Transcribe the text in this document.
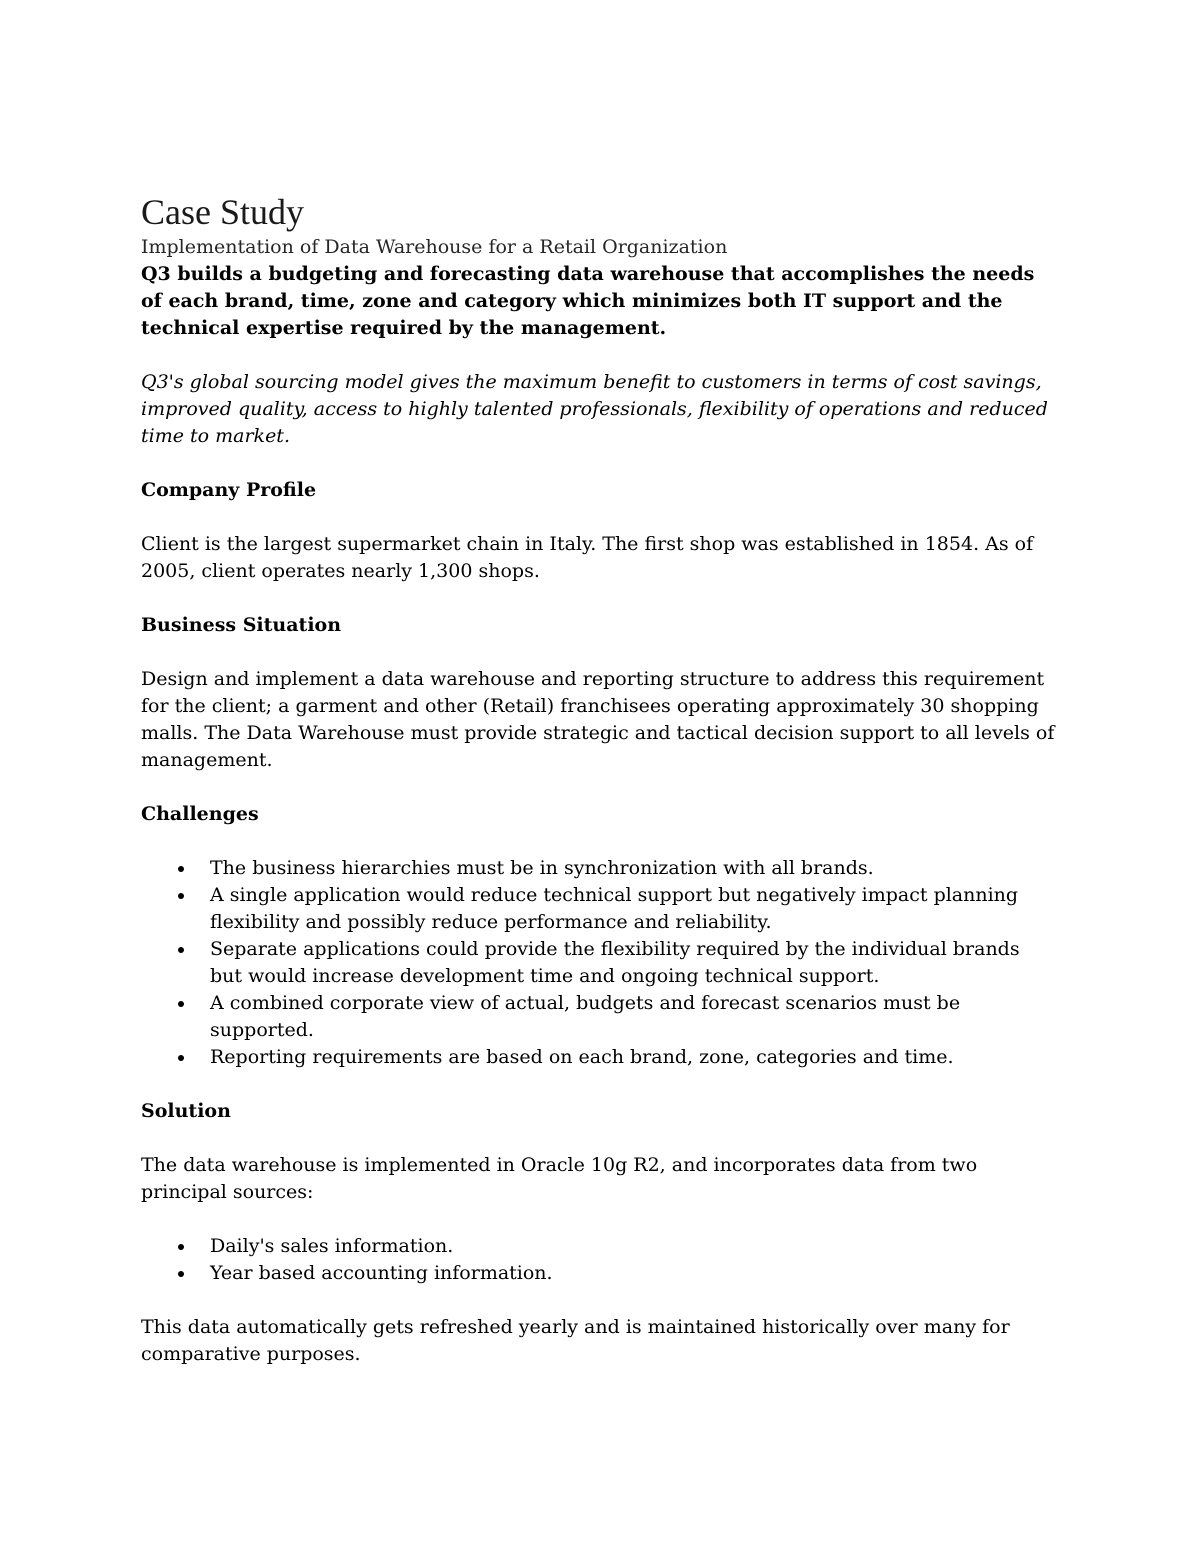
Case Study

Implementation of Data Warehouse for a Retail Organization

Q3 builds a budgeting and forecasting data warehouse that accomplishes the needs of each brand, time, zone and category which minimizes both IT support and the technical expertise required by the management.

Q3's global sourcing model gives the maximum benefit to customers in terms of cost savings, improved quality, access to highly talented professionals, flexibility of operations and reduced time to market.

Company Profile

Client is the largest supermarket chain in Italy. The first shop was established in 1854. As of 2005, client operates nearly 1,300 shops.

Business Situation

Design and implement a data warehouse and reporting structure to address this requirement for the client; a garment and other (Retail) franchisees operating approximately 30 shopping malls. The Data Warehouse must provide strategic and tactical decision support to all levels of management.

Challenges

The business hierarchies must be in synchronization with all brands.
A single application would reduce technical support but negatively impact planning flexibility and possibly reduce performance and reliability.
Separate applications could provide the flexibility required by the individual brands but would increase development time and ongoing technical support.
A combined corporate view of actual, budgets and forecast scenarios must be supported.
Reporting requirements are based on each brand, zone, categories and time.

Solution

The data warehouse is implemented in Oracle 10g R2, and incorporates data from two principal sources:

Daily's sales information.
Year based accounting information.

This data automatically gets refreshed yearly and is maintained historically over many for comparative purposes.
